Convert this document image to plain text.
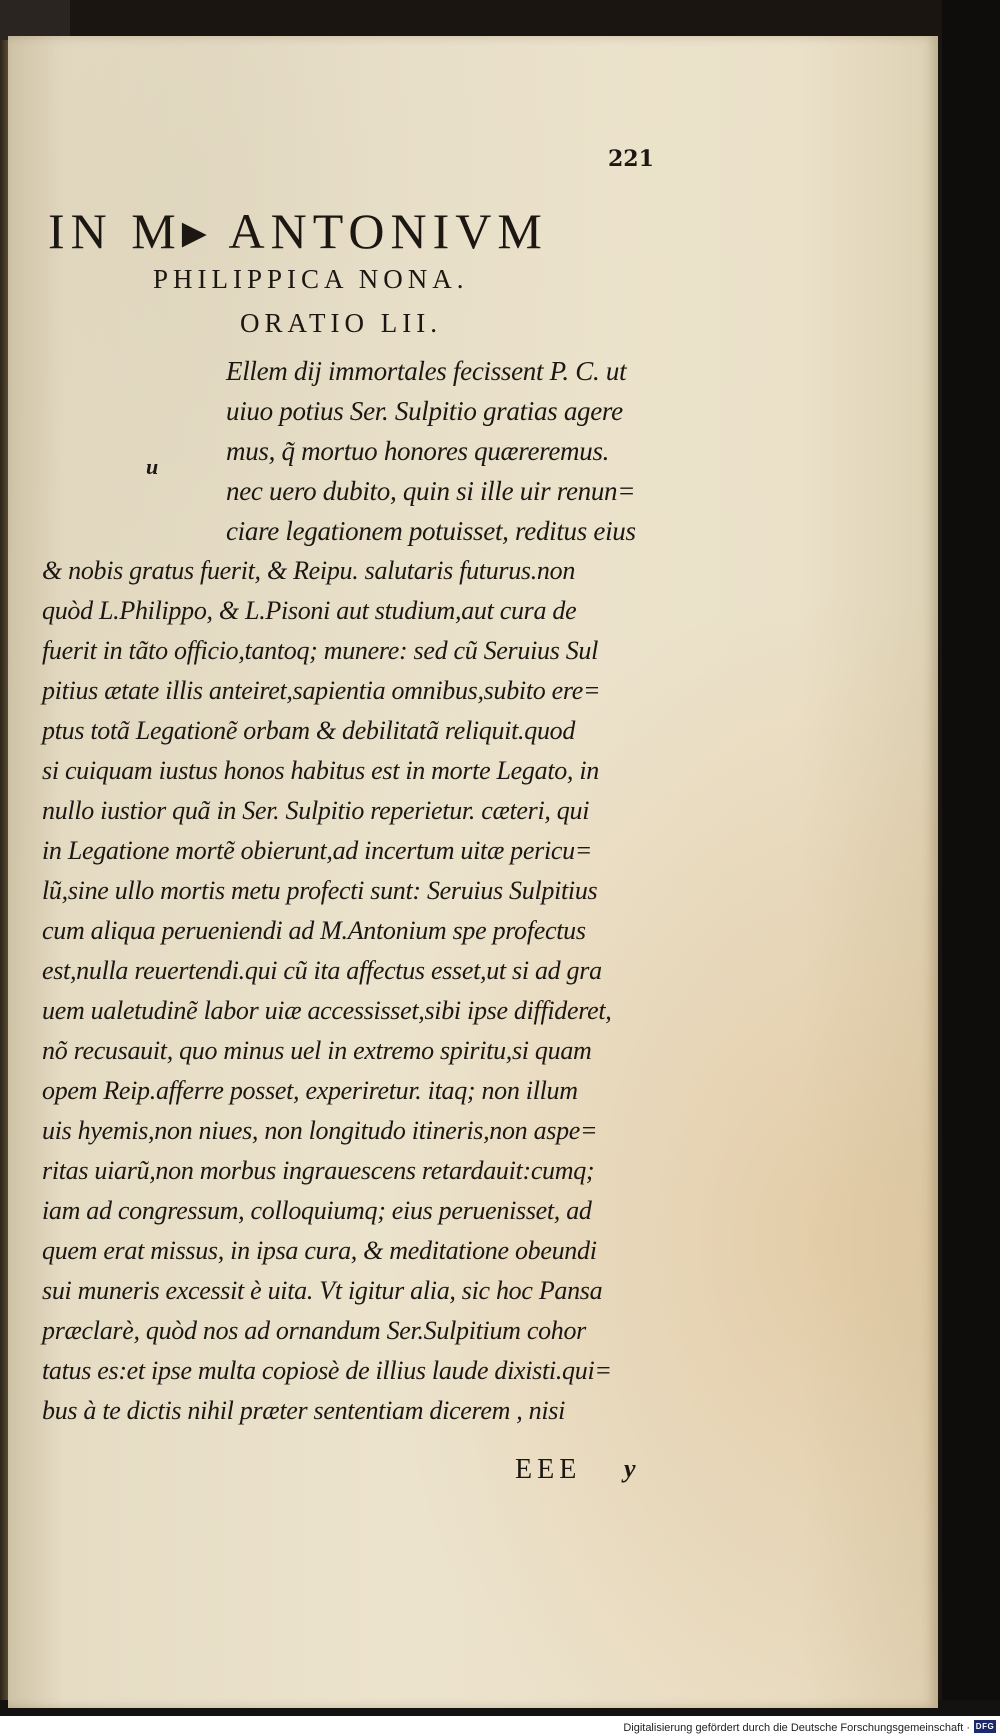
221
IN M▸ ANTONIVM
PHILIPPICA NONA.
ORATIO LII.
u
Ellem dij immortales fecissent P. C. ut
uiuo potius Ser. Sulpitio gratias agere
mus, q̃ mortuo honores quæreremus.
nec uero dubito, quin si ille uir renun=
ciare legationem potuisset, reditus eius
& nobis gratus fuerit, & Reipu. salutaris futurus.non
quòd L.Philippo, & L.Pisoni aut studium,aut cura de
fuerit in tãto officio,tantoq; munere: sed cũ Seruius Sul
pitius ætate illis anteiret,sapientia omnibus,subito ere=
ptus totã Legationẽ orbam & debilitatã reliquit.quod
si cuiquam iustus honos habitus est in morte Legato, in
nullo iustior quã in Ser. Sulpitio reperietur. cæteri, qui
in Legatione mortẽ obierunt,ad incertum uitæ pericu=
lũ,sine ullo mortis metu profecti sunt: Seruius Sulpitius
cum aliqua perueniendi ad M.Antonium spe profectus
est,nulla reuertendi.qui cũ ita affectus esset,ut si ad gra
uem ualetudinẽ labor uiæ accessisset,sibi ipse diffideret,
nõ recusauit, quo minus uel in extremo spiritu,si quam
opem Reip.afferre posset, experiretur. itaq; non illum
uis hyemis,non niues, non longitudo itineris,non aspe=
ritas uiarũ,non morbus ingrauescens retardauit:cumq;
iam ad congressum, colloquiumq; eius peruenisset, ad
quem erat missus, in ipsa cura, & meditatione obeundi
sui muneris excessit è uita. Vt igitur alia, sic hoc Pansa
præclarè, quòd nos ad ornandum Ser.Sulpitium cohor
tatus es:et ipse multa copiosè de illius laude dixisti.qui=
bus à te dictis nihil præter sententiam dicerem , nisi
EEE y
Digitalisierung gefördert durch die Deutsche Forschungsgemeinschaft · DFG
